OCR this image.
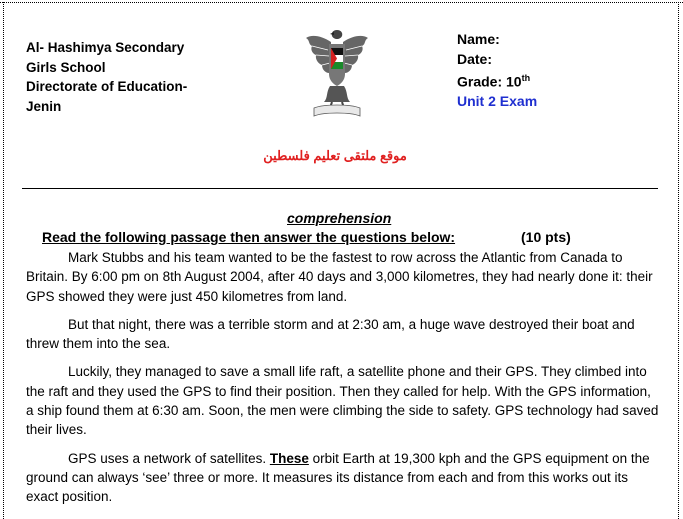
Al- Hashimya Secondary
Girls School
Directorate of Education-
Jenin
Name:
Date:
Grade: 10th
Unit 2 Exam
موقع ملتقى تعليم فلسطين
comprehension
Read the following passage then answer the questions below:	(10 pts)

Mark Stubbs and his team wanted to be the fastest to row across the Atlantic from Canada to Britain. By 6:00 pm on 8th August 2004, after 40 days and 3,000 kilometres, they had nearly done it: their GPS showed they were just 450 kilometres from land.

But that night, there was a terrible storm and at 2:30 am, a huge wave destroyed their boat and threw them into the sea.

Luckily, they managed to save a small life raft, a satellite phone and their GPS. They climbed into the raft and they used the GPS to find their position. Then they called for help. With the GPS information, a ship found them at 6:30 am. Soon, the men were climbing the side to safety. GPS technology had saved their lives.

GPS uses a network of satellites. These orbit Earth at 19,300 kph and the GPS equipment on the ground can always ‘see’ three or more. It measures its distance from each and from this works out its exact position.
